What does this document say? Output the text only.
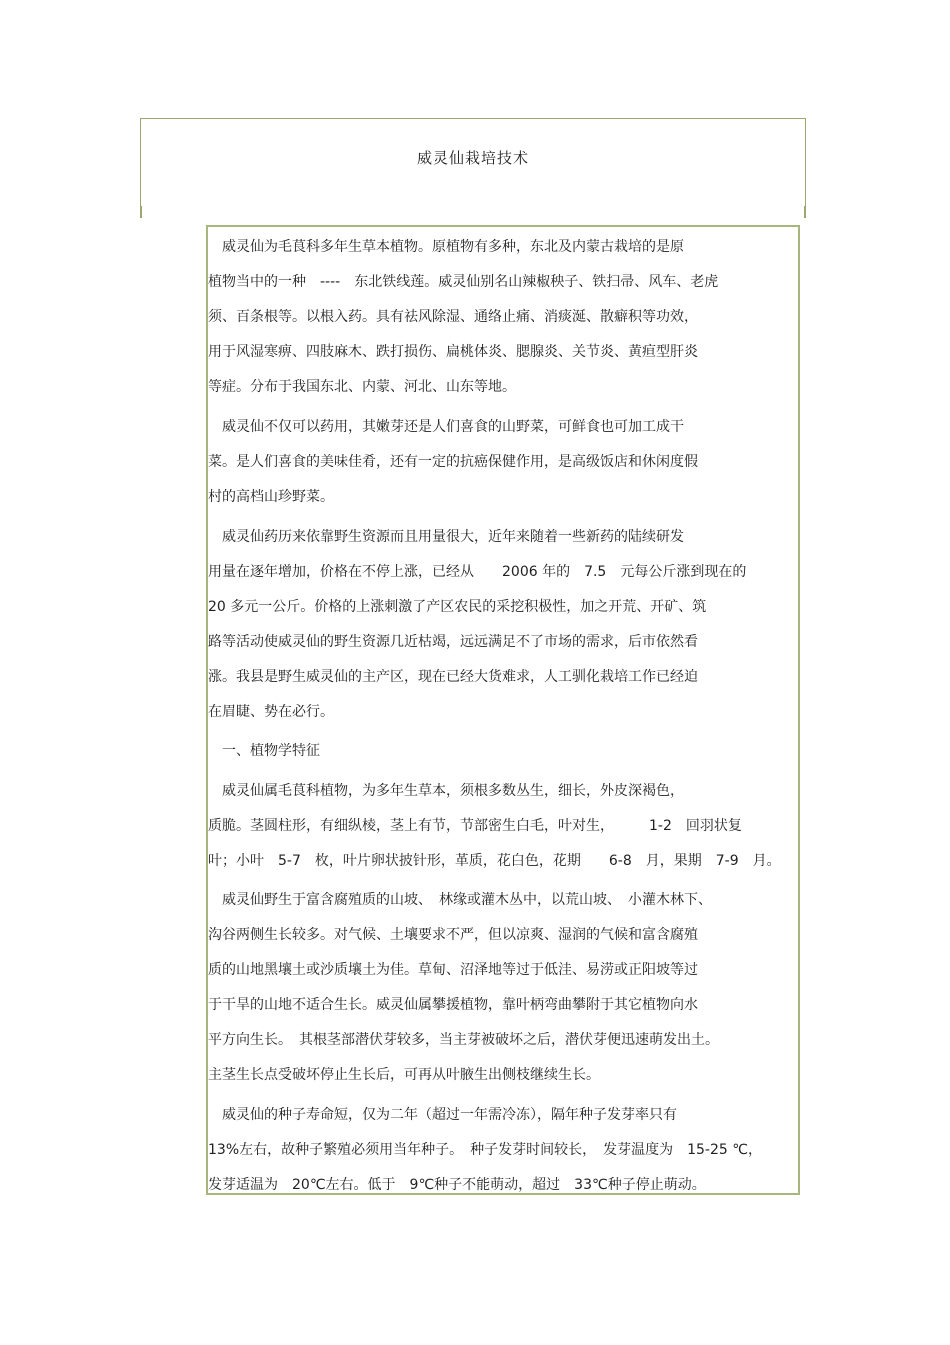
威灵仙栽培技术
　威灵仙为毛茛科多年生草本植物。原植物有多种，东北及内蒙古栽培的是原
植物当中的一种　----　东北铁线莲。威灵仙别名山辣椒秧子、铁扫帚、风车、老虎
须、百条根等。以根入药。具有祛风除湿、通络止痛、消痰涎、散癖积等功效，
用于风湿寒痹、四肢麻木、跌打损伤、扁桃体炎、腮腺炎、关节炎、黄疸型肝炎
等症。分布于我国东北、内蒙、河北、山东等地。
　威灵仙不仅可以药用，其嫩芽还是人们喜食的山野菜，可鲜食也可加工成干
菜。是人们喜食的美味佳肴，还有一定的抗癌保健作用，是高级饭店和休闲度假
村的高档山珍野菜。
　威灵仙药历来依靠野生资源而且用量很大，近年来随着一些新药的陆续研发
用量在逐年增加，价格在不停上涨，已经从　　2006 年的　7.5　元每公斤涨到现在的
20 多元一公斤。价格的上涨刺激了产区农民的采挖积极性，加之开荒、开矿、筑
路等活动使威灵仙的野生资源几近枯竭，远远满足不了市场的需求，后市依然看
涨。我县是野生威灵仙的主产区，现在已经大货难求，人工驯化栽培工作已经迫
在眉睫、势在必行。
　一、植物学特征
　威灵仙属毛茛科植物，为多年生草本，须根多数丛生，细长，外皮深褐色，
质脆。茎圆柱形，有细纵棱，茎上有节，节部密生白毛，叶对生，　　　1-2　回羽状复
叶；小叶　5-7　枚，叶片卵状披针形，革质，花白色，花期　　6-8　月，果期　7-9　月。
　威灵仙野生于富含腐殖质的山坡、　林缘或灌木丛中，以荒山坡、　小灌木林下、
沟谷两侧生长较多。对气候、土壤要求不严，但以凉爽、湿润的气候和富含腐殖
质的山地黑壤土或沙质壤土为佳。草甸、沼泽地等过于低洼、易涝或正阳坡等过
于干旱的山地不适合生长。威灵仙属攀援植物，靠叶柄弯曲攀附于其它植物向水
平方向生长。　其根茎部潜伏芽较多，当主芽被破坏之后，潜伏芽便迅速萌发出土。
主茎生长点受破坏停止生长后，可再从叶腋生出侧枝继续生长。
　威灵仙的种子寿命短，仅为二年（超过一年需冷冻），隔年种子发芽率只有
13%左右，故种子繁殖必须用当年种子。　种子发芽时间较长，　发芽温度为　15-25 ℃，
发芽适温为　20℃左右。低于　9℃种子不能萌动，超过　33℃种子停止萌动。
